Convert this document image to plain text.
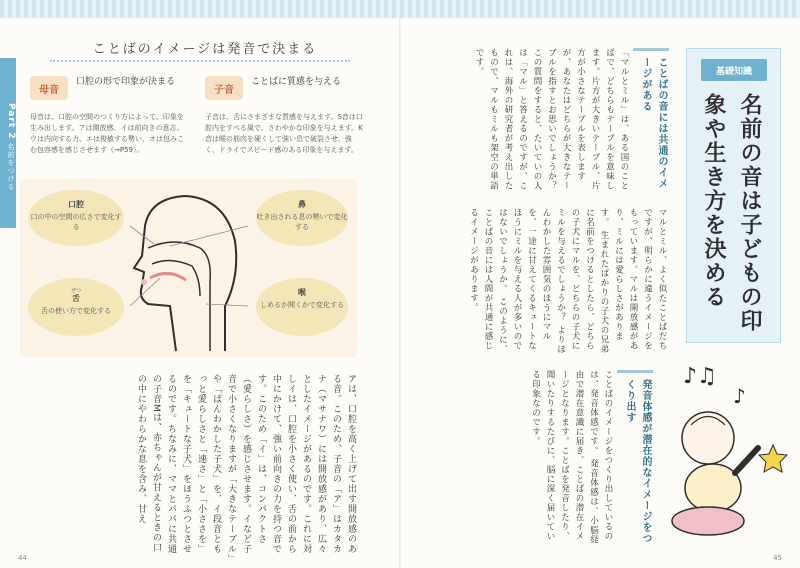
Part 2 名前をつける
ことばのイメージは発音で決まる
母音
口腔の形で印象が決まる
母音は、口腔の空間のつくり方によって、印象を生み出します。アは開放感、イは前向きの意志、ウは内向する力、エは俊敏する勢い、オは包みこむ包容感を感じさせます（→P59）。
子音
ことばに質感を与える
子音は、舌にさまざまな質感を与えます。S音は口腔内をすべる風で、さわやかな印象を与えます。K音は喉の筋肉を硬くして強い息で破裂させ、強く、ドライでスピード感のある印象を与えます。
口腔
口の中の空間の広さで変化する
鼻
吐き出される息の勢いで変化する
ぜつ
舌
舌の使い方で変化する
喉
しめるか開くかで変化する
アは、口腔を高く上げて出す開放感のある音。このため、子音の「ア」はカタカナ（マサナワ）には開放感があり、広々としたイメージがあるのです。これに対しイは、口腔を小さく使い、舌の前から中にかけて、強い前向きの力を持つ音です。このため「イ」は、コンパクトさ（愛らしさ）を感じさせます。イなど子音で小さくなりますが「大きなテーブル」や「ぱんわかした子犬」を、イ段音ともっと愛らしさと「速さ」と「小ささを」を「キュートな子犬」をほうふつとさせるのです。ちなみに、ママとパパに共通の子音Mは、赤ちゃんが甘えるときの口の中にやわらかな息を含み、甘え
44
基礎知識
名前の音は子どもの印象や生き方を決める
ことばの音には共通のイメージがある
「マルとミル」は、ある国のことばで、どちらもテーブルを意味します。片方が大きいテーブル、片方が小さなテーブルを表しますが、あなたはどちらが大きなテーブルを指すとお思いでしょうか？ この質問をすると、たいていの人は「マル」と答えるのですが、これは、海外の研究者が考え出したもので、マルもミルも架空の単語です。
マルとミル、よく似たことばだちですが、明らかに違うイメージをもっています。マルは開放感があり、ミルには愛らしさがあります。 生まれたばかりの子犬の兄弟に名前をつけるとしたら、どちらの子犬にマルを、どちらの子犬にミルを与えるでしょうか？ よりほんわかした雰囲気のほうにマルを、一途に甘えてくるキュートなほうにミルを与える人が多いのではないでしょうか。 このように、ことばの音には人間が共通に感じるイメージがあります。
発音体感が潜在的なイメージをつくり出す
ことばのイメージをつくり出しているのは、発音体感です。 発音体感は、小脳経由で潜在意識に届き、ことばの潜在イメージとなります。ことばを発音したり、聞いたりするたびに、脳に深く届いている印象なのです。	♪♫
♪
45
